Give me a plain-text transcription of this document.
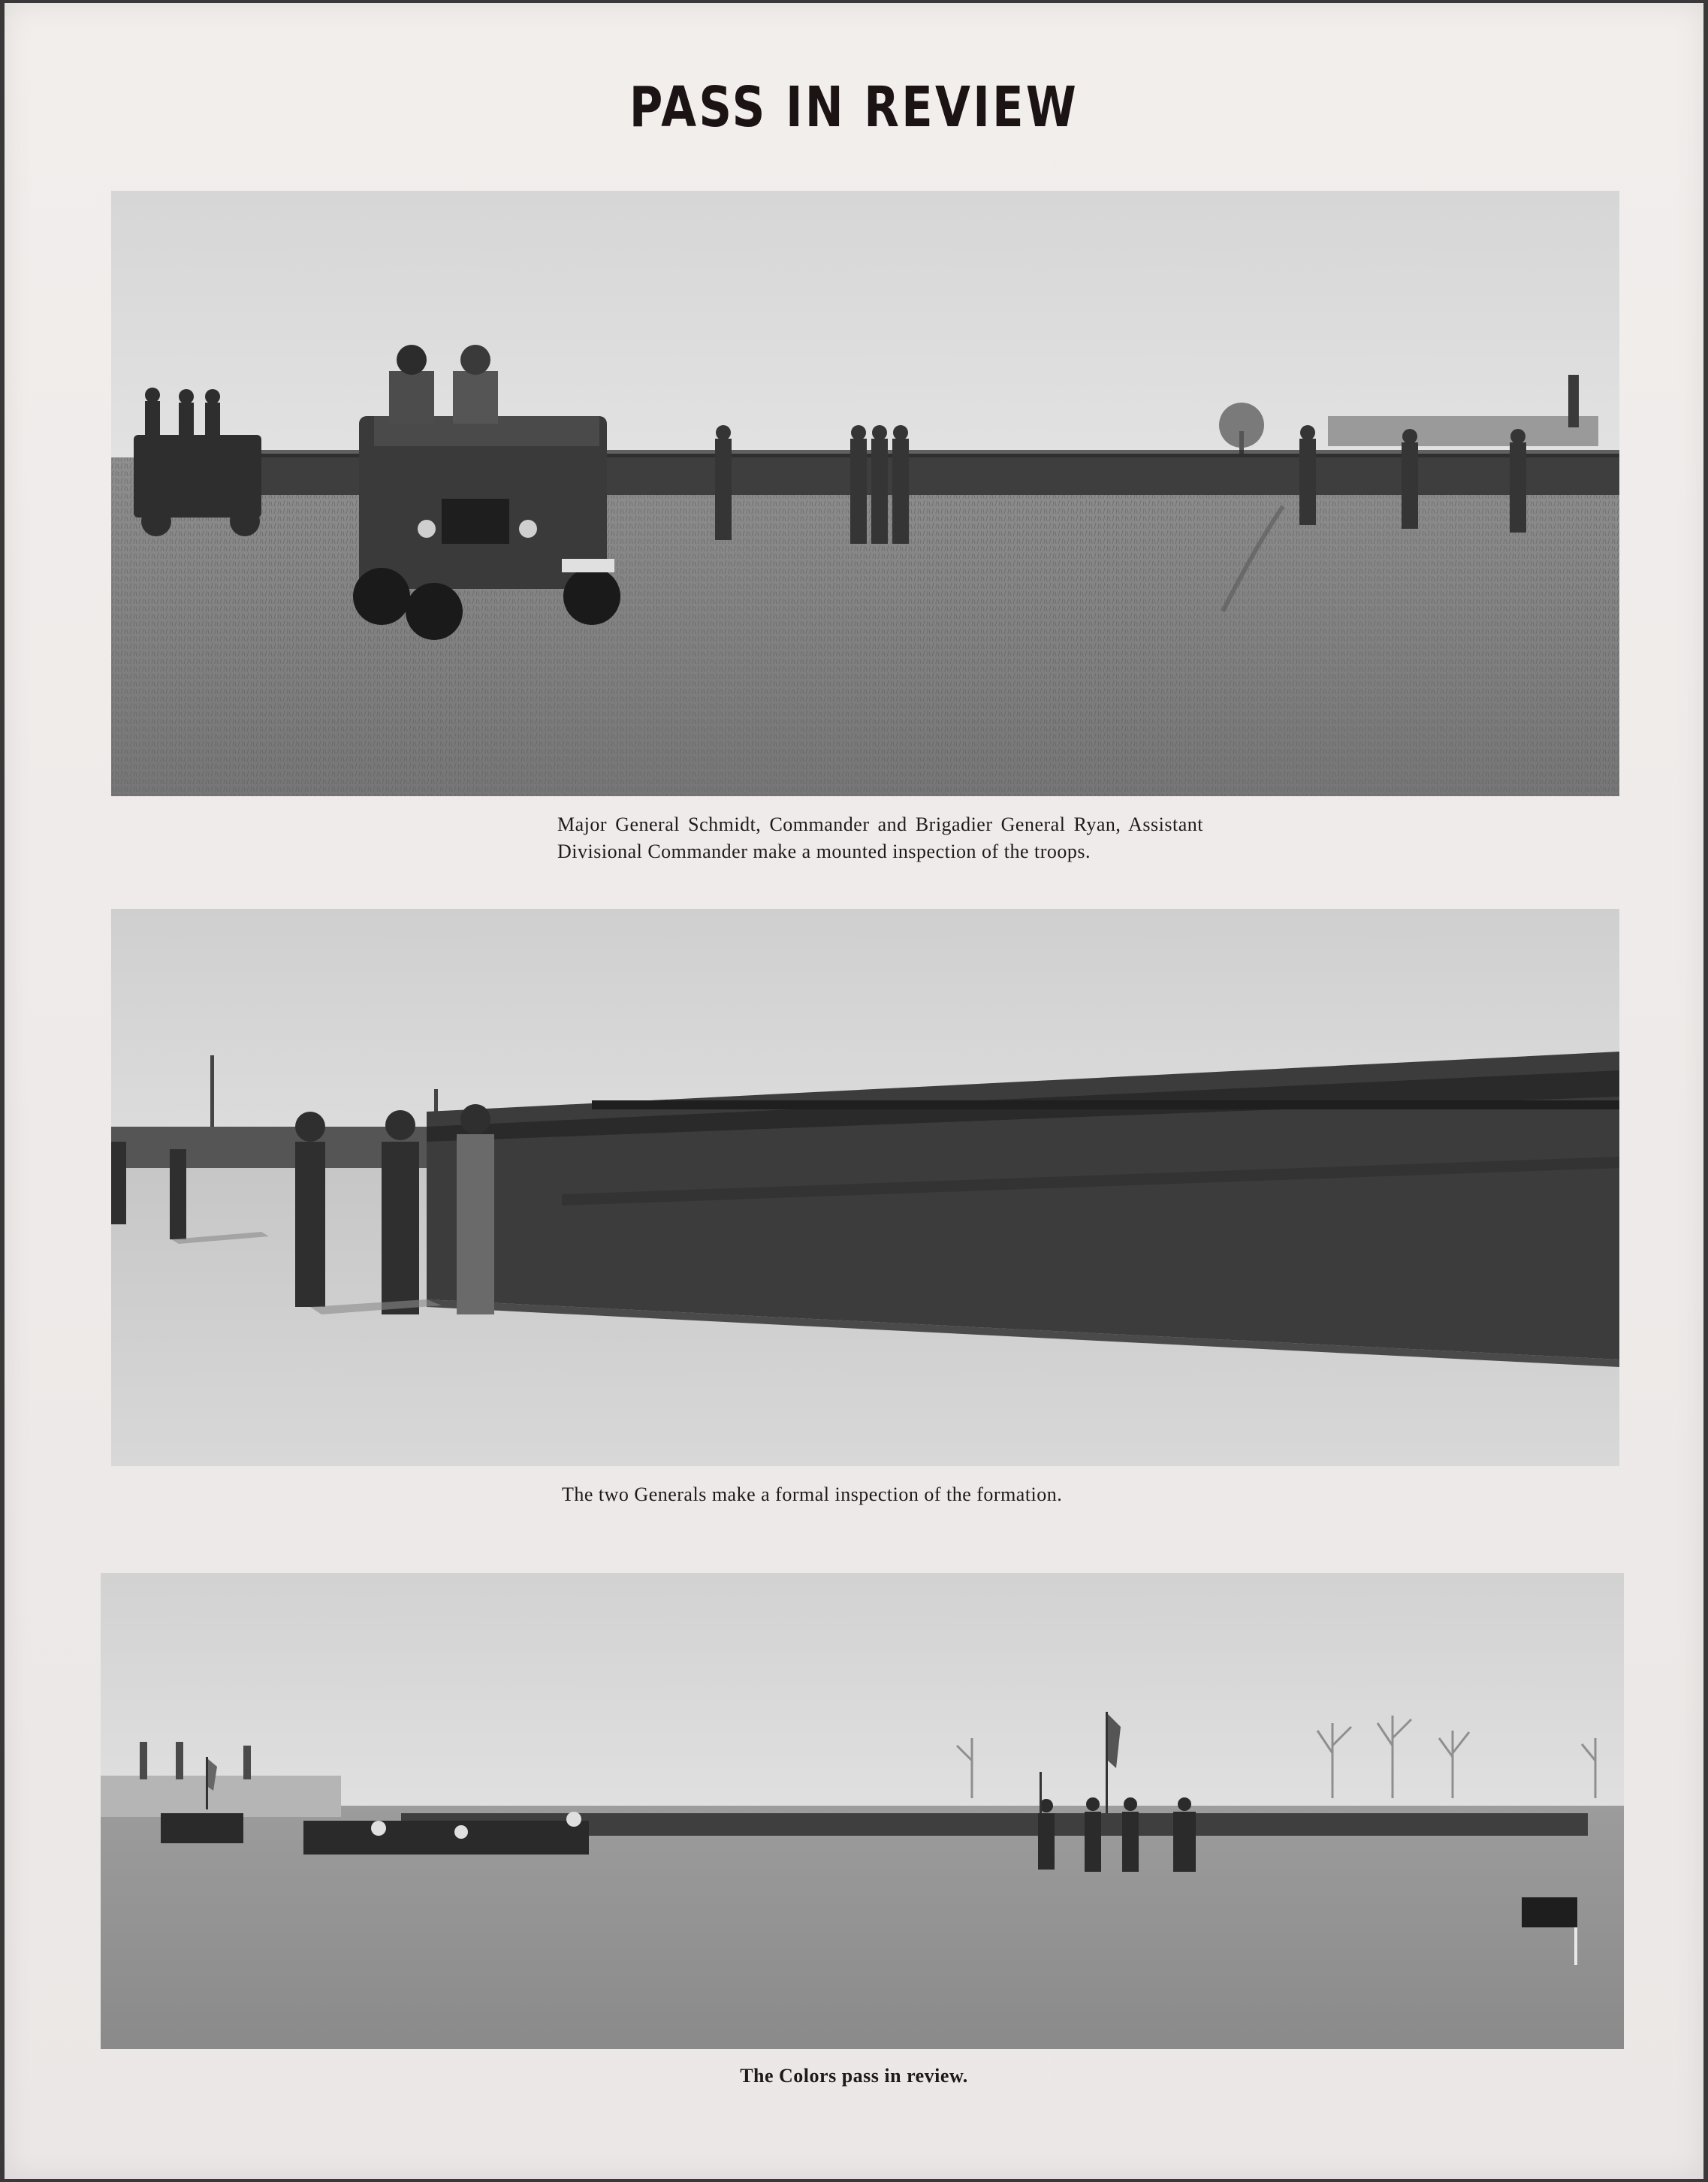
PASS IN REVIEW
Major General Schmidt, Commander and Brigadier General Ryan, Assistant Divisional Commander make a mounted inspection of the troops.
The two Generals make a formal inspection of the formation.
The Colors pass in review.
